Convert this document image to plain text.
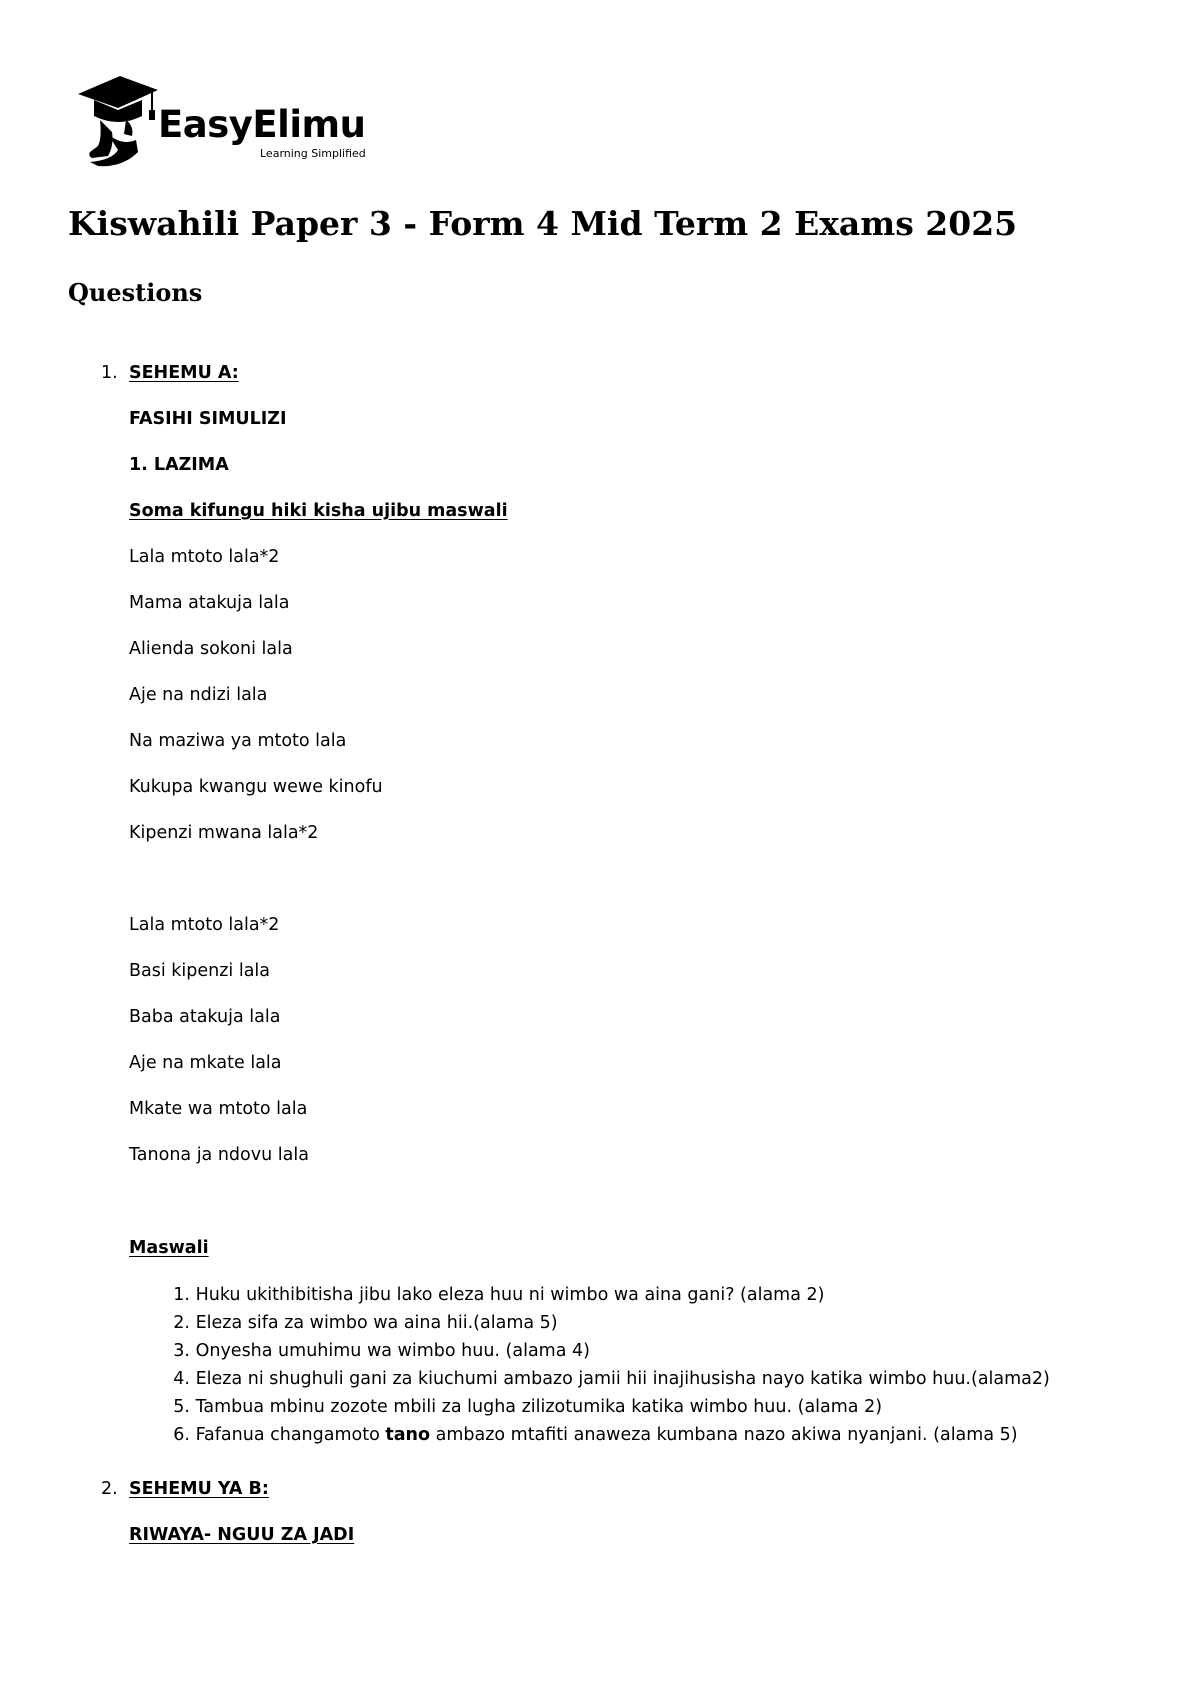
EasyElimu
Learning Simplified
Kiswahili Paper 3 - Form 4 Mid Term 2 Exams 2025
Questions
1. SEHEMU A:
FASIHI SIMULIZI
1. LAZIMA
Soma kifungu hiki kisha ujibu maswali
Lala mtoto lala*2
Mama atakuja lala
Alienda sokoni lala
Aje na ndizi lala
Na maziwa ya mtoto lala
Kukupa kwangu wewe kinofu
Kipenzi mwana lala*2
Lala mtoto lala*2
Basi kipenzi lala
Baba atakuja lala
Aje na mkate lala
Mkate wa mtoto lala
Tanona ja ndovu lala
Maswali
1. Huku ukithibitisha jibu lako eleza huu ni wimbo wa aina gani? (alama 2)
2. Eleza sifa za wimbo wa aina hii.(alama 5)
3. Onyesha umuhimu wa wimbo huu. (alama 4)
4. Eleza ni shughuli gani za kiuchumi ambazo jamii hii inajihusisha nayo katika wimbo huu.(alama2)
5. Tambua mbinu zozote mbili za lugha zilizotumika katika wimbo huu. (alama 2)
6. Fafanua changamoto tano ambazo mtafiti anaweza kumbana nazo akiwa nyanjani. (alama 5)
2. SEHEMU YA B:
RIWAYA- NGUU ZA JADI
